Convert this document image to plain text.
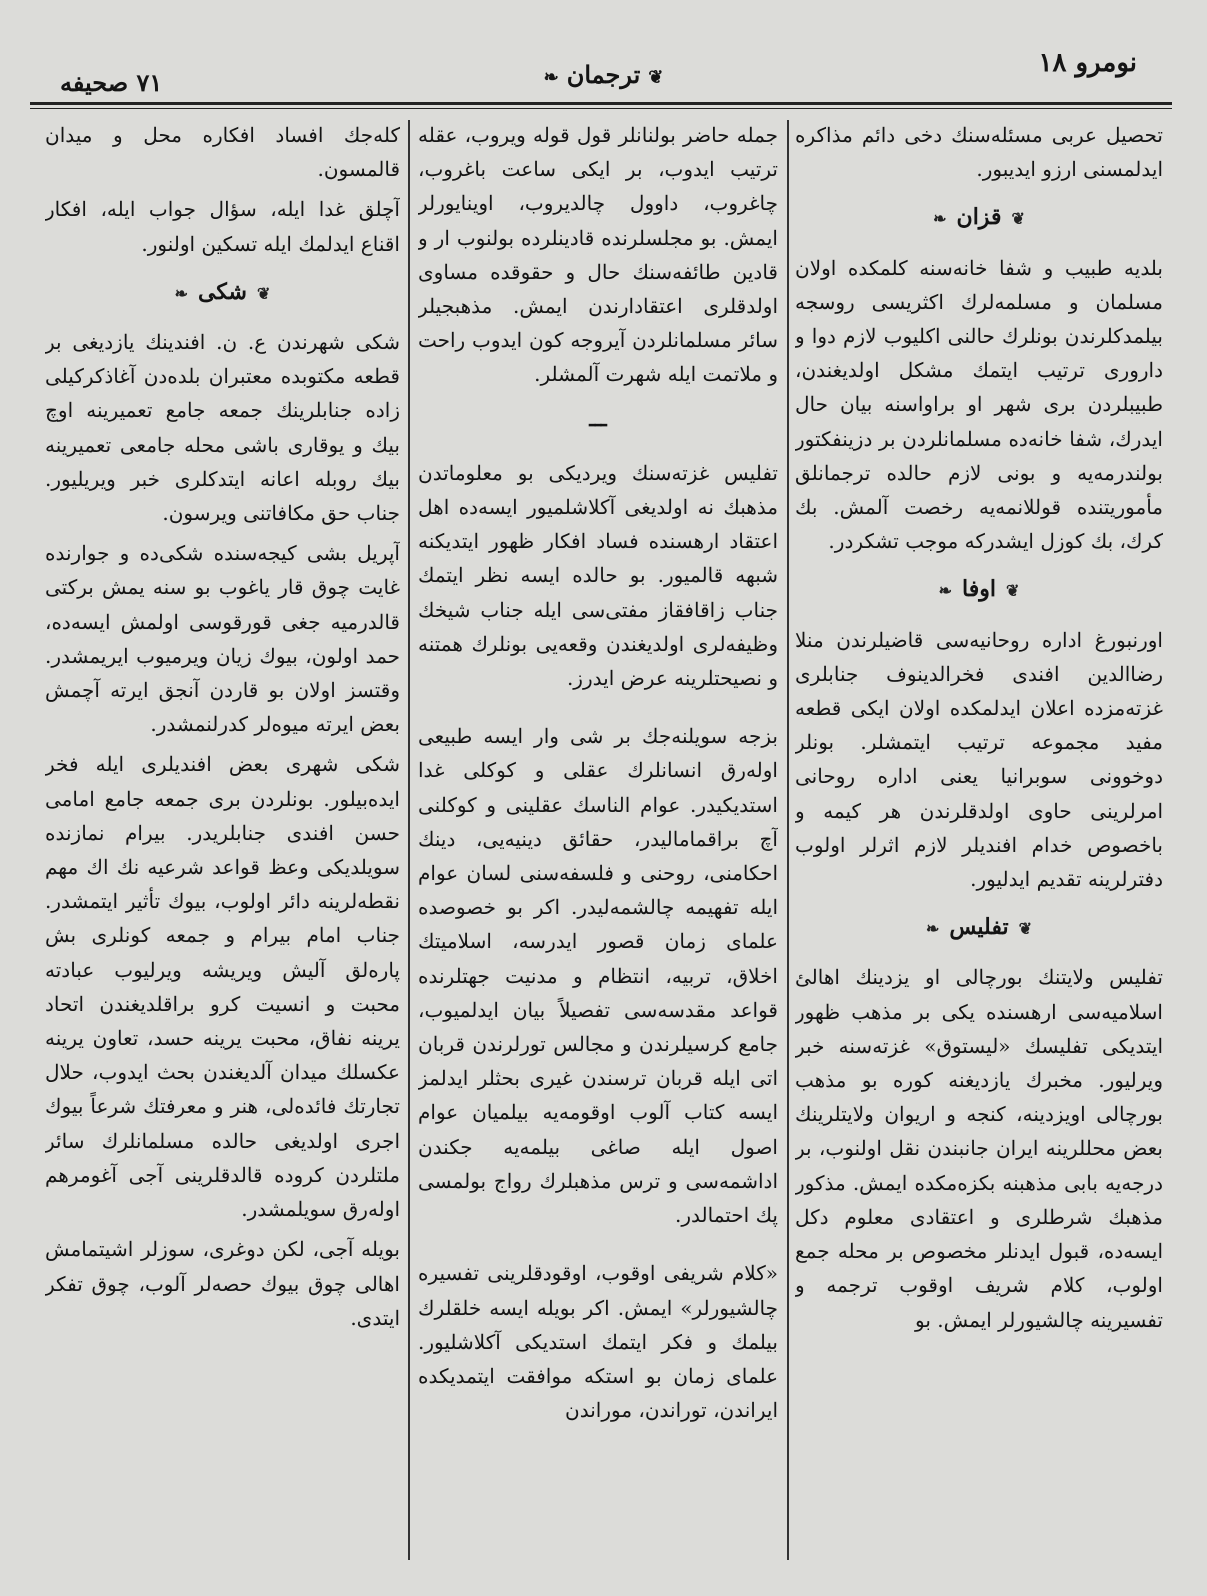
۷۱ صحیفه	❦ترجمان❧	نومرو ۱۸

تحصیل عربی مسئله‌سنك دخی دائم مذاکره ایدلمسنی ارزو ایدیبور.

❦قزان❧

بلدیه طبیب و شفا خانه‌سنه کلمکده اولان مسلمان و مسلمه‌لرك اکثریسی روسجه بیلمدکلرندن بونلرك حالنی اکلیوب لازم دوا و داروری ترتیب ایتمك مشکل اولدیغندن، طبیبلردن بری شهر او براواسنه بیان حال ایدرك، شفا خانه‌ده مسلمانلردن بر دزینفکتور بولندرمه‌یه و بونی لازم حالده ترجمانلق مأموریتنده قوللانمه‌یه رخصت آلمش. بك كرك، بك كوزل ایشدرکه موجب تشکردر.

❦اوفا❧

اورنبورغ اداره روحانیه‌سی قاضیلرندن منلا رضاالدین افندی فخرالدینوف جنابلری غزته‌مزده اعلان ایدلمکده اولان ایکی قطعه مفید مجموعه ترتیب ایتمشلر. بونلر دوخوونی سوبرانیا یعنی اداره روحانی امرلرینی حاوی اولدقلرندن هر کیمه و باخصوص خدام افندیلر لازم اثرلر اولوب دفترلرینه تقدیم ایدلیور.

❦تفلیس❧

تفلیس ولایتنك بورچالی او یزدینك اهالئ اسلامیه‌سی ارهسنده یکی بر مذهب ظهور ایتدیکی تفلیسك «لیستوق» غزته‌سنه خبر ویرلیور. مخبرك یازدیغنه کوره بو مذهب بورچالی اویزدینه، کنجه و اریوان ولایتلرینك بعض محللرینه ایران جانبندن نقل اولنوب، بر درجه‌یه بابی مذهبنه بکزه‌مکده ایمش. مذکور مذهبك شرطلری و اعتقادی معلوم دکل ایسه‌ده، قبول ایدنلر مخصوص بر محله جمع اولوب، کلام شریف اوقوب ترجمه و تفسیرینه چالشیورلر ایمش. بو

جمله حاضر بولنانلر قول قوله ویروب، عقله ترتیب ایدوب، بر ایکی ساعت باغروب، چاغروب، داوول چالدیروب، اوینایورلر ایمش. بو مجلسلرنده قادینلرده بولنوب ار و قادین طائفه‌سنك حال و حقوقده مساوی اولدقلری اعتقادارندن ایمش. مذهبجیلر سائر مسلمانلردن آیروجه کون ایدوب راحت و ملاتمت ایله شهرت آلمشلر.

ـــ

تفلیس غزته‌سنك ویردیکی بو معلوماتدن مذهبك نه اولدیغی آکلاشلمیور ایسه‌ده اهل اعتقاد ارهسنده فساد افکار ظهور ایتدیکنه شبهه قالمیور. بو حالده ایسه نظر ایتمك جناب زاقافقاز مفتی‌سی ایله جناب شیخك وظیفه‌لری اولدیغندن وقعه‌یی بونلرك همتنه و نصیحتلرینه عرض ایدرز.

بزجه سویلنه‌جك بر شی وار ایسه طبیعی اوله‌رق انسانلرك عقلی و کوکلی غدا استدیکیدر. عوام الناسك عقلینی و کوکلنی آچ براقمامالیدر، حقائق دینیه‌یی، دینك احکامنی، روحنی و فلسفه‌سنی لسان عوام ایله تفهیمه چالشمه‌لیدر. اکر بو خصوصده علمای زمان قصور ایدرسه، اسلامیتك اخلاق، تربیه، انتظام و مدنیت جهتلرنده قواعد مقدسه‌سی تفصیلاً بیان ایدلمیوب، جامع کرسیلرندن و مجالس تورلرندن قربان اتی ایله قربان ترسندن غیری بحثلر ایدلمز ایسه کتاب آلوب اوقومه‌یه بیلمیان عوام اصول ایله صاغی بیلمه‌یه جکندن اداشمه‌سی و ترس مذهبلرك رواج بولمسی پك احتمالدر.

«کلام شریفی اوقوب، اوقودقلرینی تفسیره چالشیورلر» ایمش. اکر بویله ایسه خلقلرك بیلمك و فکر ایتمك استدیکی آکلاشلیور. علمای زمان بو استکه موافقت ایتمدیکده ایراندن، توراندن، موراندن

کله‌جك افساد افکاره محل و میدان قالمسون.

آچلق غدا ایله، سؤال جواب ایله، افکار اقناع ایدلمك ایله تسکین اولنور.

❦شکی❧

شکی شهرندن ع. ن. افندینك یازدیغی بر قطعه مکتوبده معتبران بلده‌دن آغاذکرکیلی زاده جنابلرینك جمعه جامع تعمیرینه اوچ بیك و یوقاری باشی محله جامعی تعمیرینه بیك روبله اعانه ایتدکلری خبر ویریلیور. جناب حق مکافاتنی ویرسون.

آپریل بشی کیجه‌سنده شکی‌ده و جوارنده غایت چوق قار یاغوب بو سنه یمش برکتی قالدرمیه جغی قورقوسی اولمش ایسه‌ده، حمد اولون، بیوك زیان ویرمیوب ایریمشدر. وقتسز اولان بو قاردن آنجق ایرته آچمش بعض ایرته میوه‌لر کدرلنمشدر.

شکی شهری بعض افندیلری ایله فخر ایده‌بیلور. بونلردن بری جمعه جامع امامی حسن افندی جنابلریدر. بیرام نمازنده سویلدیکی وعظ قواعد شرعیه نك اك مهم نقطه‌لرینه دائر اولوب، بیوك تأثیر ایتمشدر. جناب امام بیرام و جمعه کونلری بش پاره‌لق آلیش ویریشه ویرلیوب عبادته محبت و انسیت کرو براقلدیغندن اتحاد یرینه نفاق، محبت یرینه حسد، تعاون یرینه عکسلك میدان آلدیغندن بحث ایدوب، حلال تجارتك فائده‌لی، هنر و معرفتك شرعاً بیوك اجری اولدیغی حالده مسلمانلرك سائر ملتلردن کروده قالدقلرینی آجی آغومرهم اوله‌رق سویلمشدر.

بویله آجی، لکن دوغری، سوزلر اشیتمامش اهالی چوق بیوك حصه‌لر آلوب، چوق تفکر ایتدی.
